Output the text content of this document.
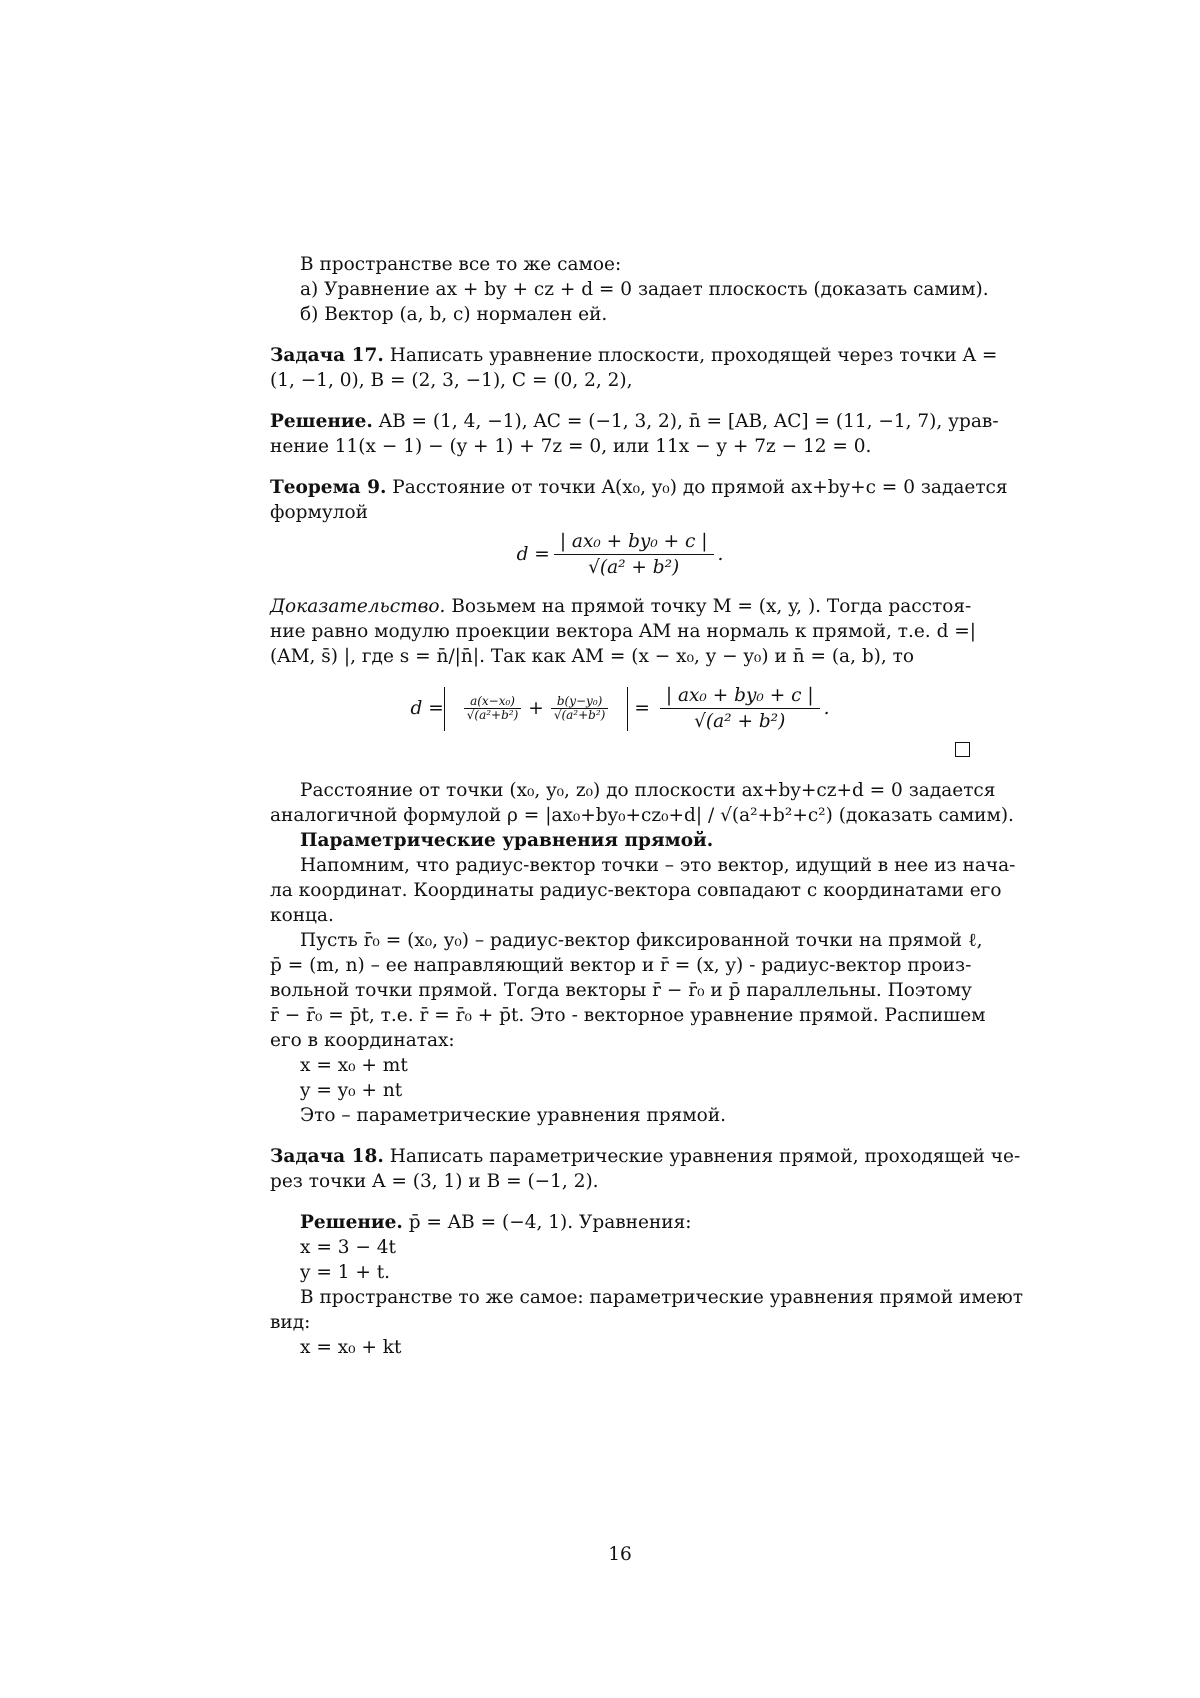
В пространстве все то же самое:
а) Уравнение ax + by + cz + d = 0 задает плоскость (доказать самим).
б) Вектор (a, b, c) нормален ей.
Задача 17. Написать уравнение плоскости, проходящей через точки A =
(1, −1, 0), B = (2, 3, −1), C = (0, 2, 2),
Решение. AB = (1, 4, −1), AC = (−1, 3, 2), n̄ = [AB, AC] = (11, −1, 7), урав-
нение 11(x − 1) − (y + 1) + 7z = 0, или 11x − y + 7z − 12 = 0.
Теорема 9. Расстояние от точки A(x₀, y₀) до прямой ax+by+c = 0 задается
формулой
d =
| ax₀ + by₀ + c |
√(a² + b²)
.
Доказательство. Возьмем на прямой точку M = (x, y, ). Тогда расстоя-
ние равно модулю проекции вектора AM на нормаль к прямой, т.е. d =|
(AM, s̄) |, где s = n̄/|n̄|. Так как AM = (x − x₀, y − y₀) и n̄ = (a, b), то
d =	a(x−x₀)
√(a²+b²) +	b(y−y₀)
√(a²+b²)	=
| ax₀ + by₀ + c |
√(a² + b²)
.
Расстояние от точки (x₀, y₀, z₀) до плоскости ax+by+cz+d = 0 задается
аналогичной формулой ρ = |ax₀+by₀+cz₀+d| / √(a²+b²+c²) (доказать самим).
Параметрические уравнения прямой.
Напомним, что радиус-вектор точки – это вектор, идущий в нее из нача-
ла координат. Координаты радиус-вектора совпадают с координатами его
конца.
Пусть r̄₀ = (x₀, y₀) – радиус-вектор фиксированной точки на прямой ℓ,
p̄ = (m, n) – ее направляющий вектор и r̄ = (x, y) - радиус-вектор произ-
вольной точки прямой. Тогда векторы r̄ − r̄₀ и p̄ параллельны. Поэтому
r̄ − r̄₀ = p̄t, т.е. r̄ = r̄₀ + p̄t. Это - векторное уравнение прямой. Распишем
его в координатах:
x = x₀ + mt
y = y₀ + nt
Это – параметрические уравнения прямой.
Задача 18. Написать параметрические уравнения прямой, проходящей че-
рез точки A = (3, 1) и B = (−1, 2).
Решение. p̄ = AB = (−4, 1). Уравнения:
x = 3 − 4t
y = 1 + t.
В пространстве то же самое: параметрические уравнения прямой имеют
вид:
x = x₀ + kt
16
